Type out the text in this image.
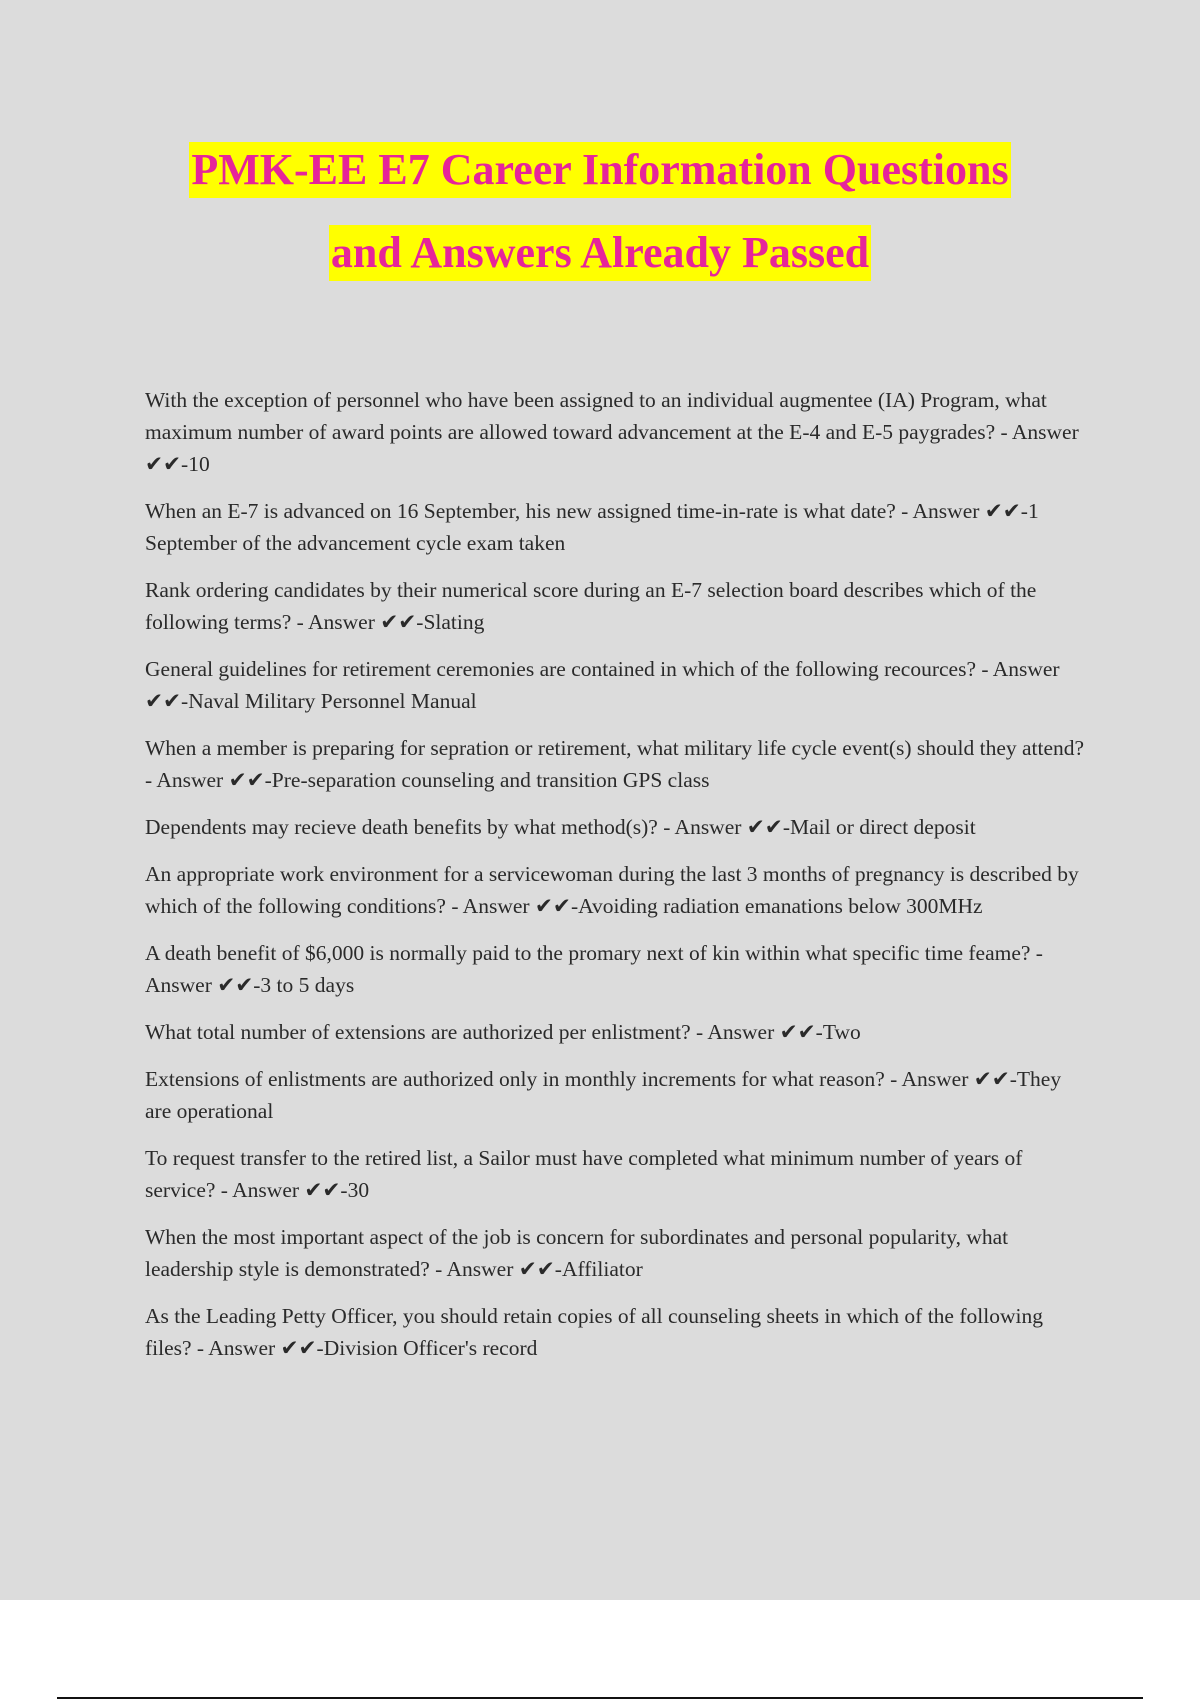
PMK-EE E7 Career Information Questions
and Answers Already Passed

With the exception of personnel who have been assigned to an individual augmentee (IA) Program, what maximum number of award points are allowed toward advancement at the E-4 and E-5 paygrades? - Answer ✔✔-10

When an E-7 is advanced on 16 September, his new assigned time-in-rate is what date? - Answer ✔✔-1 September of the advancement cycle exam taken

Rank ordering candidates by their numerical score during an E-7 selection board describes which of the following terms? - Answer ✔✔-Slating

General guidelines for retirement ceremonies are contained in which of the following recources? - Answer ✔✔-Naval Military Personnel Manual

When a member is preparing for sepration or retirement, what military life cycle event(s) should they attend? - Answer ✔✔-Pre-separation counseling and transition GPS class

Dependents may recieve death benefits by what method(s)? - Answer ✔✔-Mail or direct deposit

An appropriate work environment for a servicewoman during the last 3 months of pregnancy is described by which of the following conditions? - Answer ✔✔-Avoiding radiation emanations below 300MHz

A death benefit of $6,000 is normally paid to the promary next of kin within what specific time feame? - Answer ✔✔-3 to 5 days

What total number of extensions are authorized per enlistment? - Answer ✔✔-Two

Extensions of enlistments are authorized only in monthly increments for what reason? - Answer ✔✔-They are operational

To request transfer to the retired list, a Sailor must have completed what minimum number of years of service? - Answer ✔✔-30

When the most important aspect of the job is concern for subordinates and personal popularity, what leadership style is demonstrated? - Answer ✔✔-Affiliator

As the Leading Petty Officer, you should retain copies of all counseling sheets in which of the following files? - Answer ✔✔-Division Officer's record
